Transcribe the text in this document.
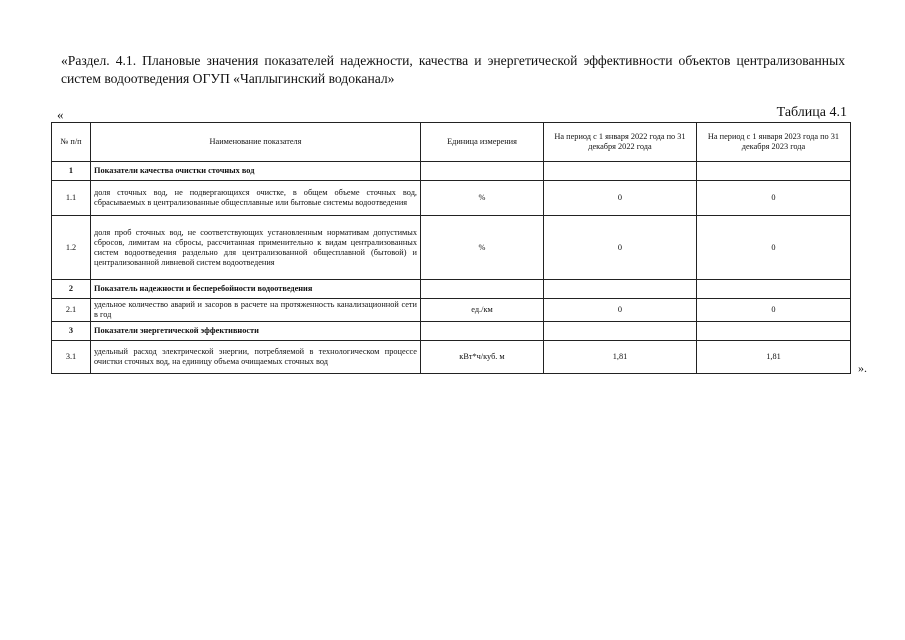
«Раздел. 4.1. Плановые значения показателей надежности, качества и энергетической эффективности объектов централизованных систем водоотведения ОГУП «Чаплыгинский водоканал»
«	Таблица 4.1
№ п/п	Наименование показателя	Единица измерения	На период с 1 января 2022 года по 31 декабря 2022 года	На период с 1 января 2023 года по 31 декабря 2023 года
1	Показатели качества очистки сточных вод			
1.1	доля сточных вод, не подвергающихся очистке, в общем объеме сточных вод, сбрасываемых в централизованные общесплавные или бытовые системы водоотведения	%	0	0
1.2	доля проб сточных вод, не соответствующих установленным нормативам допустимых сбросов, лимитам на сбросы, рассчитанная применительно к видам централизованных систем водоотведения раздельно для централизованной общесплавной (бытовой) и централизованной ливневой систем водоотведения	%	0	0
2	Показатель надежности и бесперебойности водоотведения			
2.1	удельное количество аварий и засоров в расчете на протяженность канализационной сети в год	ед./км	0	0
3	Показатели энергетической эффективности			
3.1	удельный расход электрической энергии, потребляемой в технологическом процессе очистки сточных вод, на единицу объема очищаемых сточных вод	кВт*ч/куб. м	1,81	1,81
».
